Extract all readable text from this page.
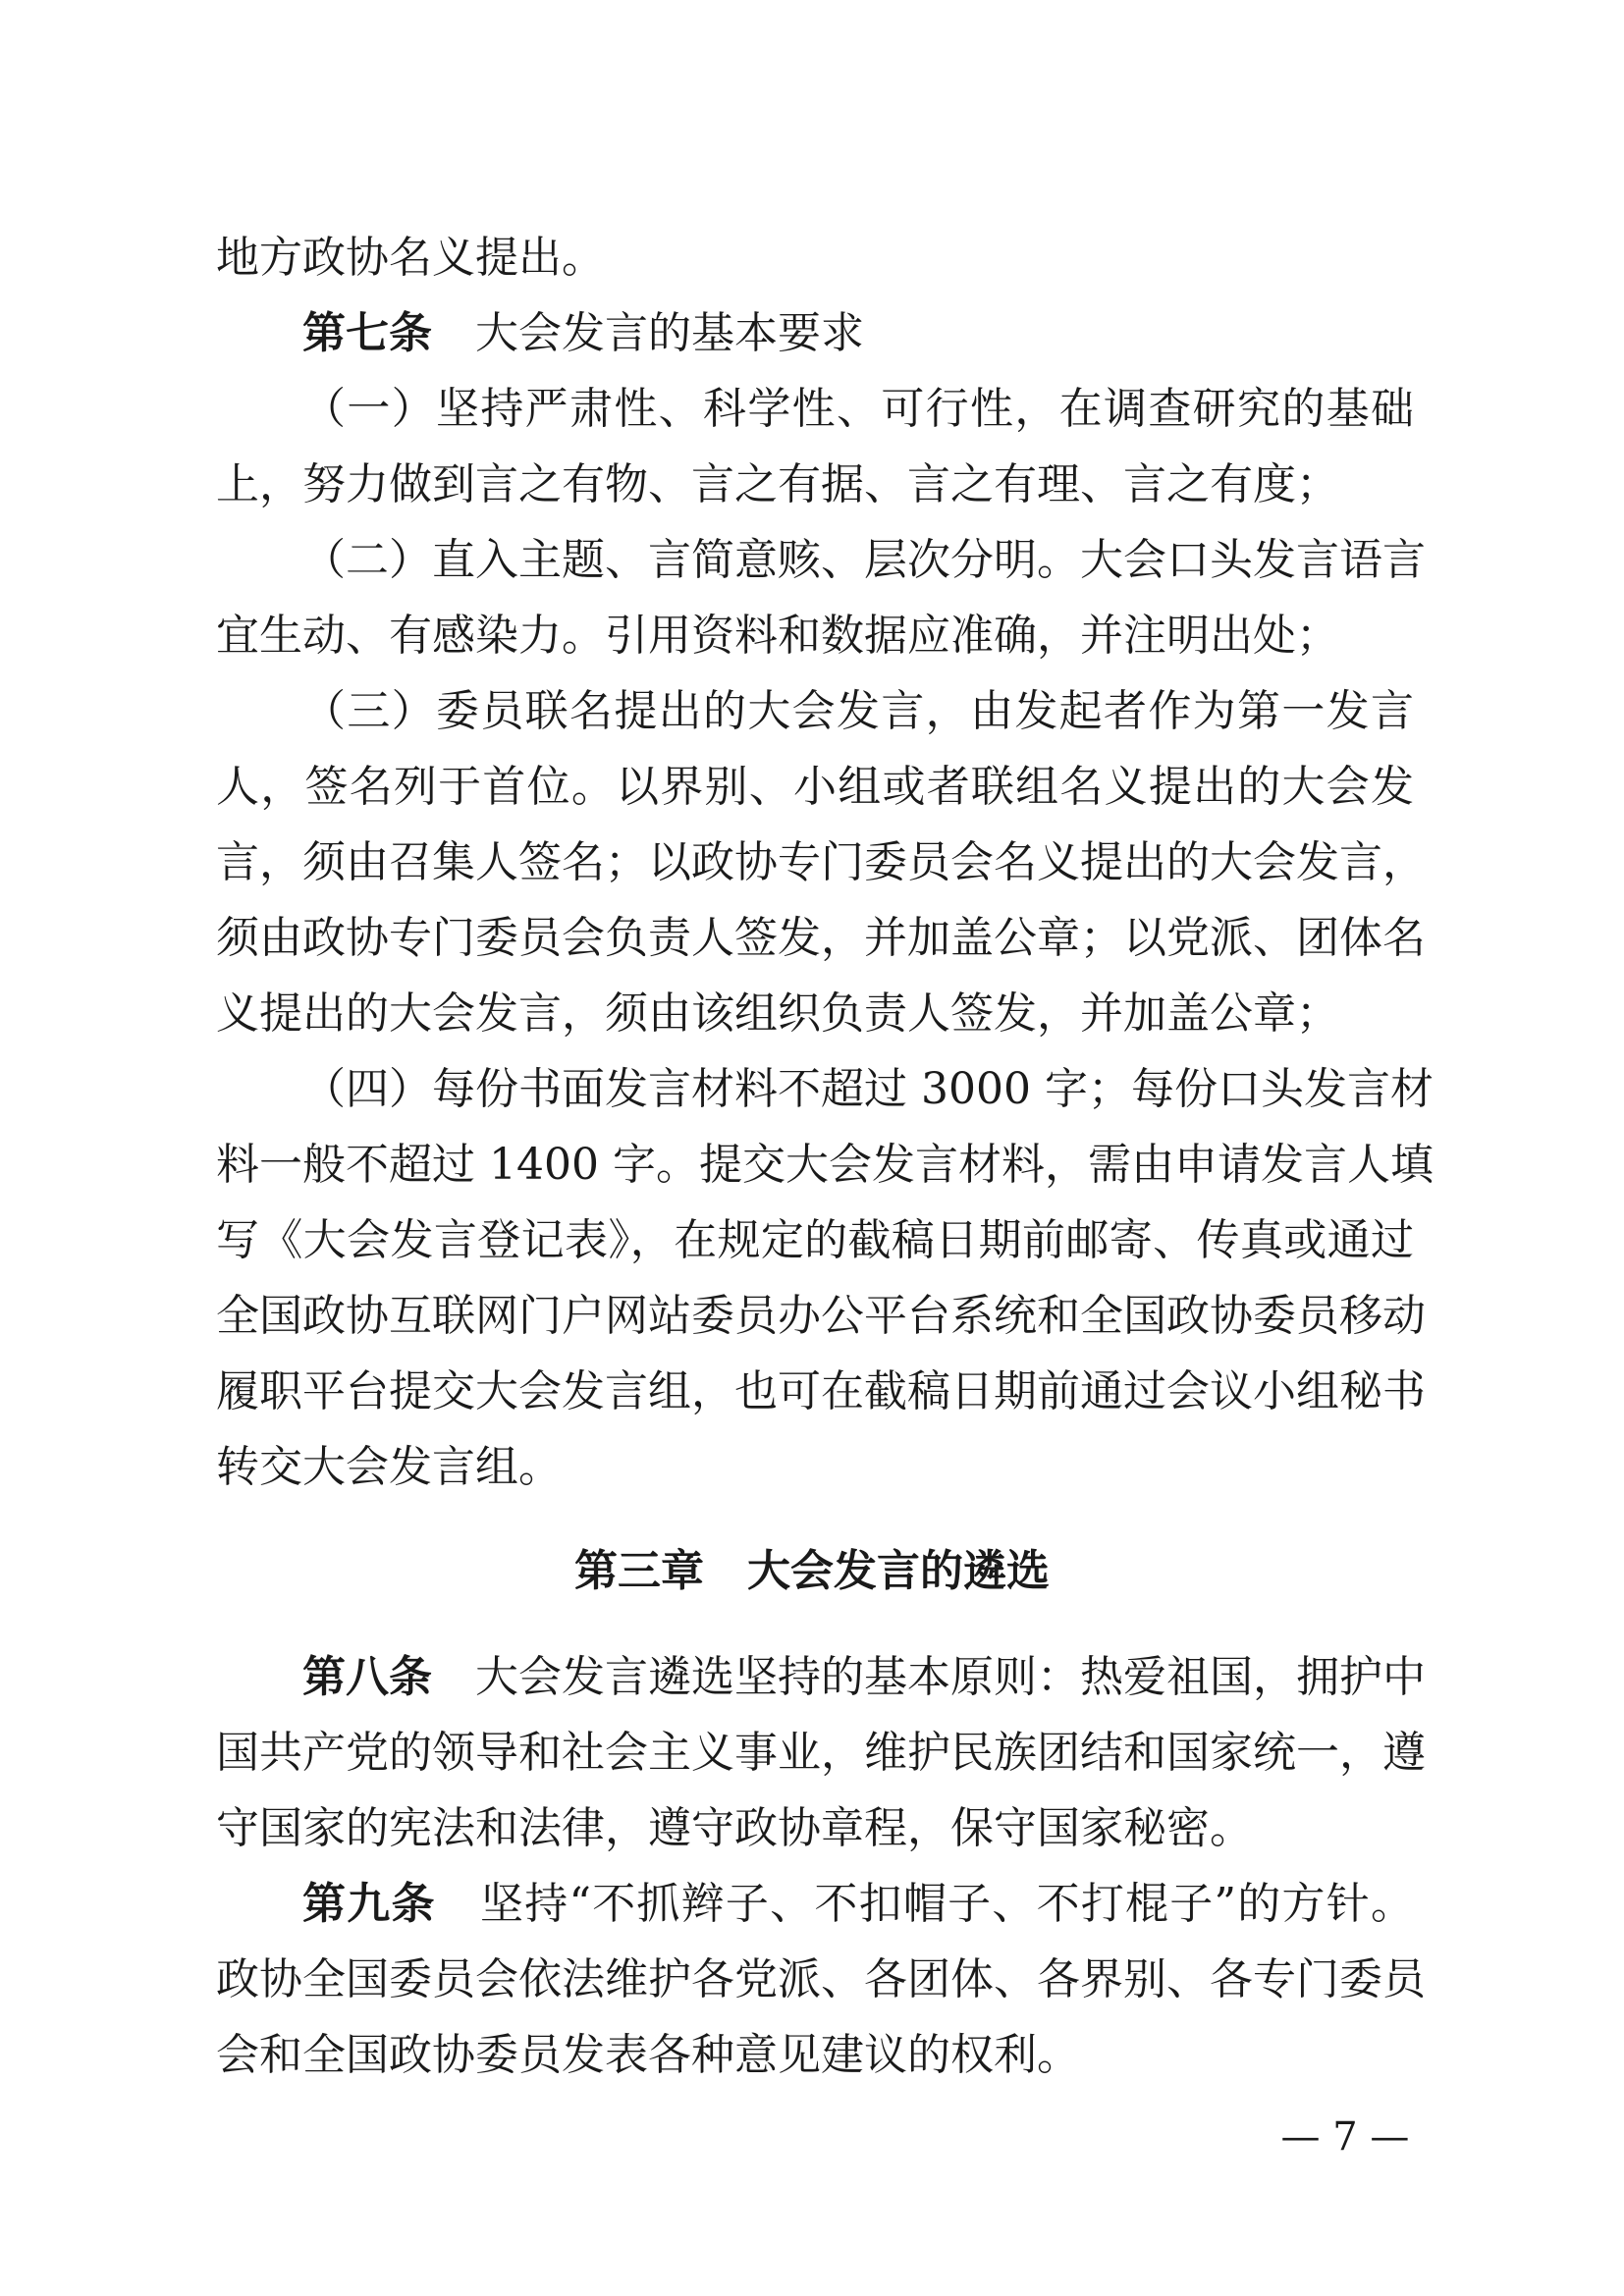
地方政协名义提出。
第七条 大会发言的基本要求
（一）坚持严肃性、科学性、可行性，在调查研究的基础
上，努力做到言之有物、言之有据、言之有理、言之有度；
（二）直入主题、言简意赅、层次分明。大会口头发言语言
宜生动、有感染力。引用资料和数据应准确，并注明出处；
（三）委员联名提出的大会发言，由发起者作为第一发言
人，签名列于首位。以界别、小组或者联组名义提出的大会发
言，须由召集人签名；以政协专门委员会名义提出的大会发言，
须由政协专门委员会负责人签发，并加盖公章；以党派、团体名
义提出的大会发言，须由该组织负责人签发，并加盖公章；
（四）每份书面发言材料不超过 3000 字；每份口头发言材
料一般不超过 1400 字。提交大会发言材料，需由申请发言人填
写《大会发言登记表》，在规定的截稿日期前邮寄、传真或通过
全国政协互联网门户网站委员办公平台系统和全国政协委员移动
履职平台提交大会发言组，也可在截稿日期前通过会议小组秘书
转交大会发言组。
第三章　大会发言的遴选
第八条 大会发言遴选坚持的基本原则：热爱祖国，拥护中
国共产党的领导和社会主义事业，维护民族团结和国家统一，遵
守国家的宪法和法律，遵守政协章程，保守国家秘密。
第九条 坚持“不抓辫子、不扣帽子、不打棍子”的方针。
政协全国委员会依法维护各党派、各团体、各界别、各专门委员
会和全国政协委员发表各种意见建议的权利。
— 7 —
